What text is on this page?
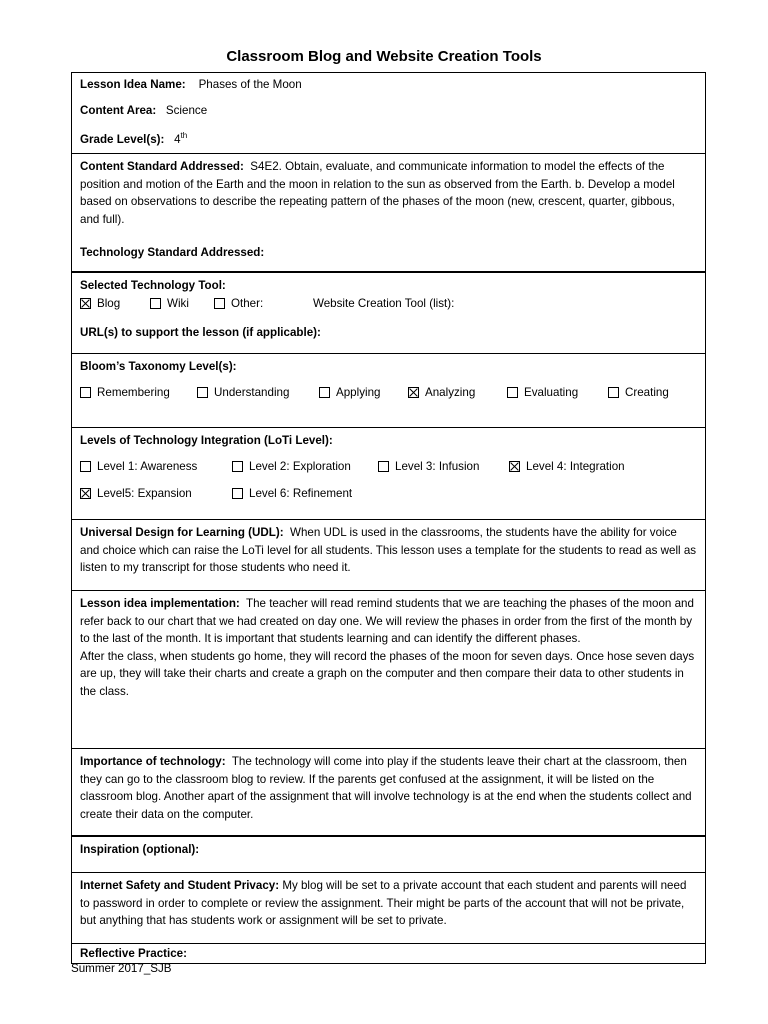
Classroom Blog and Website Creation Tools
Lesson Idea Name: Phases of the Moon
Content Area: Science
Grade Level(s): 4th
Content Standard Addressed: S4E2. Obtain, evaluate, and communicate information to model the effects of the position and motion of the Earth and the moon in relation to the sun as observed from the Earth. b. Develop a model based on observations to describe the repeating pattern of the phases of the moon (new, crescent, quarter, gibbous, and full).
Technology Standard Addressed:
Selected Technology Tool:
Blog	Wiki	Other:	Website Creation Tool (list):
URL(s) to support the lesson (if applicable):
Bloom’s Taxonomy Level(s):
Remembering	Understanding	Applying	Analyzing	Evaluating	Creating
Levels of Technology Integration (LoTi Level):
Level 1: Awareness	Level 2: Exploration	Level 3: Infusion	Level 4: Integration
Level5: Expansion	Level 6: Refinement
Universal Design for Learning (UDL): When UDL is used in the classrooms, the students have the ability for voice and choice which can raise the LoTi level for all students. This lesson uses a template for the students to read as well as listen to my transcript for those students who need it.
Lesson idea implementation: The teacher will read remind students that we are teaching the phases of the moon and refer back to our chart that we had created on day one. We will review the phases in order from the first of the month by to the last of the month. It is important that students learning and can identify the different phases.
After the class, when students go home, they will record the phases of the moon for seven days. Once hose seven days are up, they will take their charts and create a graph on the computer and then compare their data to other students in the class.
Importance of technology: The technology will come into play if the students leave their chart at the classroom, then they can go to the classroom blog to review. If the parents get confused at the assignment, it will be listed on the classroom blog. Another apart of the assignment that will involve technology is at the end when the students collect and create their data on the computer.
Inspiration (optional):
Internet Safety and Student Privacy: My blog will be set to a private account that each student and parents will need to password in order to complete or review the assignment. Their might be parts of the account that will not be private, but anything that has students work or assignment will be set to private.
Reflective Practice:
Summer 2017_SJB
